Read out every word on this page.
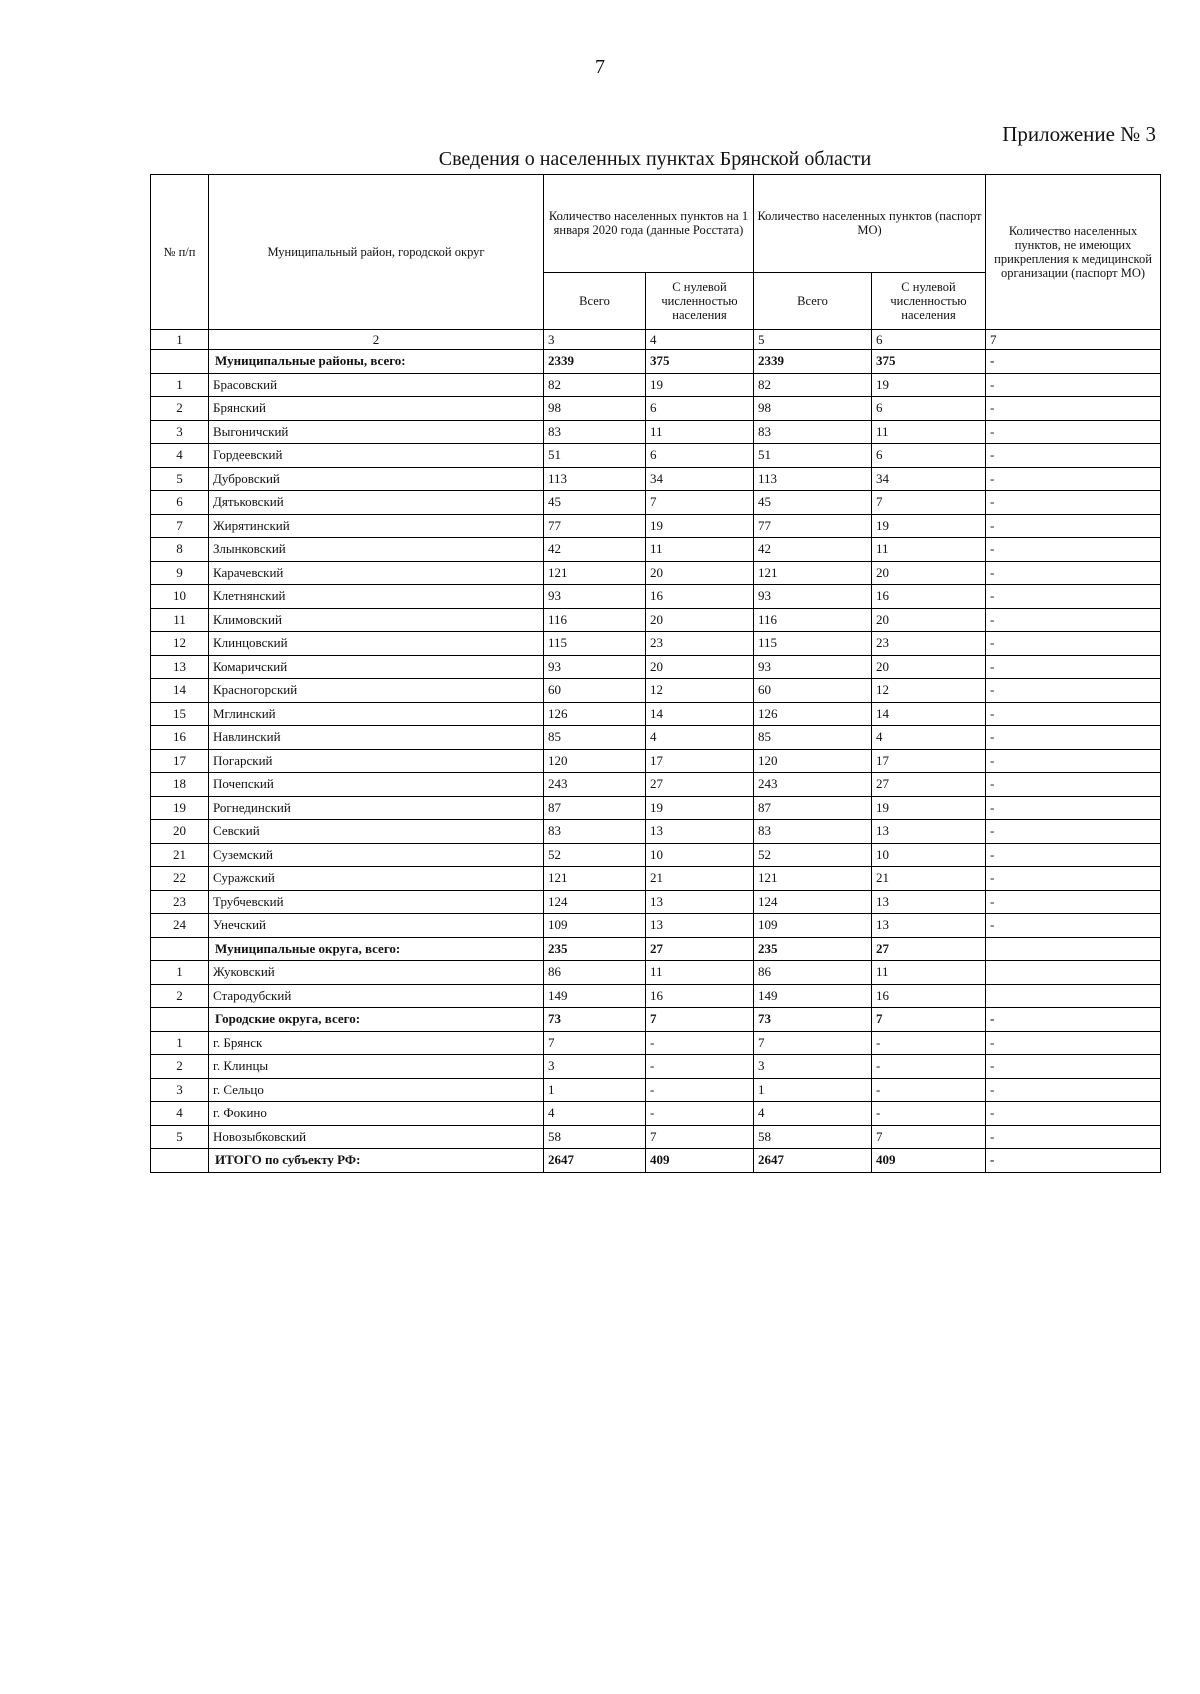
7
Приложение № 3
Сведения о населенных пунктах Брянской области
№ п/п	Муниципальный район, городской округ	Количество населенных пунктов на 1 января 2020 года (данные Росстата)		Количество населенных пунктов (паспорт МО)		Количество населенных пунктов, не имеющих прикрепления к медицинской организации (паспорт МО)
		Всего	С нулевой численностью населения	Всего	С нулевой численностью населения	
1	2	3	4	5	6	7
	Муниципальные районы, всего:	2339	375	2339	375	-
1	Брасовский	82	19	82	19	-
2	Брянский	98	6	98	6	-
3	Выгоничский	83	11	83	11	-
4	Гордеевский	51	6	51	6	-
5	Дубровский	113	34	113	34	-
6	Дятьковский	45	7	45	7	-
7	Жирятинский	77	19	77	19	-
8	Злынковский	42	11	42	11	-
9	Карачевский	121	20	121	20	-
10	Клетнянский	93	16	93	16	-
11	Климовский	116	20	116	20	-
12	Клинцовский	115	23	115	23	-
13	Комаричский	93	20	93	20	-
14	Красногорский	60	12	60	12	-
15	Мглинский	126	14	126	14	-
16	Навлинский	85	4	85	4	-
17	Погарский	120	17	120	17	-
18	Почепский	243	27	243	27	-
19	Рогнединский	87	19	87	19	-
20	Севский	83	13	83	13	-
21	Суземский	52	10	52	10	-
22	Суражский	121	21	121	21	-
23	Трубчевский	124	13	124	13	-
24	Унечский	109	13	109	13	-
	Муниципальные округа, всего:	235	27	235	27	
1	Жуковский	86	11	86	11	
2	Стародубский	149	16	149	16	
	Городские округа, всего:	73	7	73	7	-
1	г. Брянск	7	-	7	-	-
2	г. Клинцы	3	-	3	-	-
3	г. Сельцо	1	-	1	-	-
4	г. Фокино	4	-	4	-	-
5	Новозыбковский	58	7	58	7	-
	ИТОГО по субъекту РФ:	2647	409	2647	409	-
